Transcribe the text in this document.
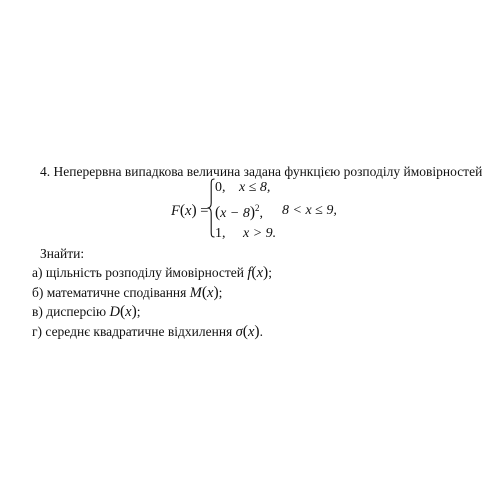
4. Неперервна випадкова величина задана функцією розподілу ймовірностей
F(x) =
0, x ≤ 8,
$(x - 8)^2$, 8 < x ≤ 9,
1, x > 9.
Знайти:
а) щільність розподілу ймовірностей f(x);
б) математичне сподівання M(x);
в) дисперсію D(x);
г) середнє квадратичне відхилення σ(x).
